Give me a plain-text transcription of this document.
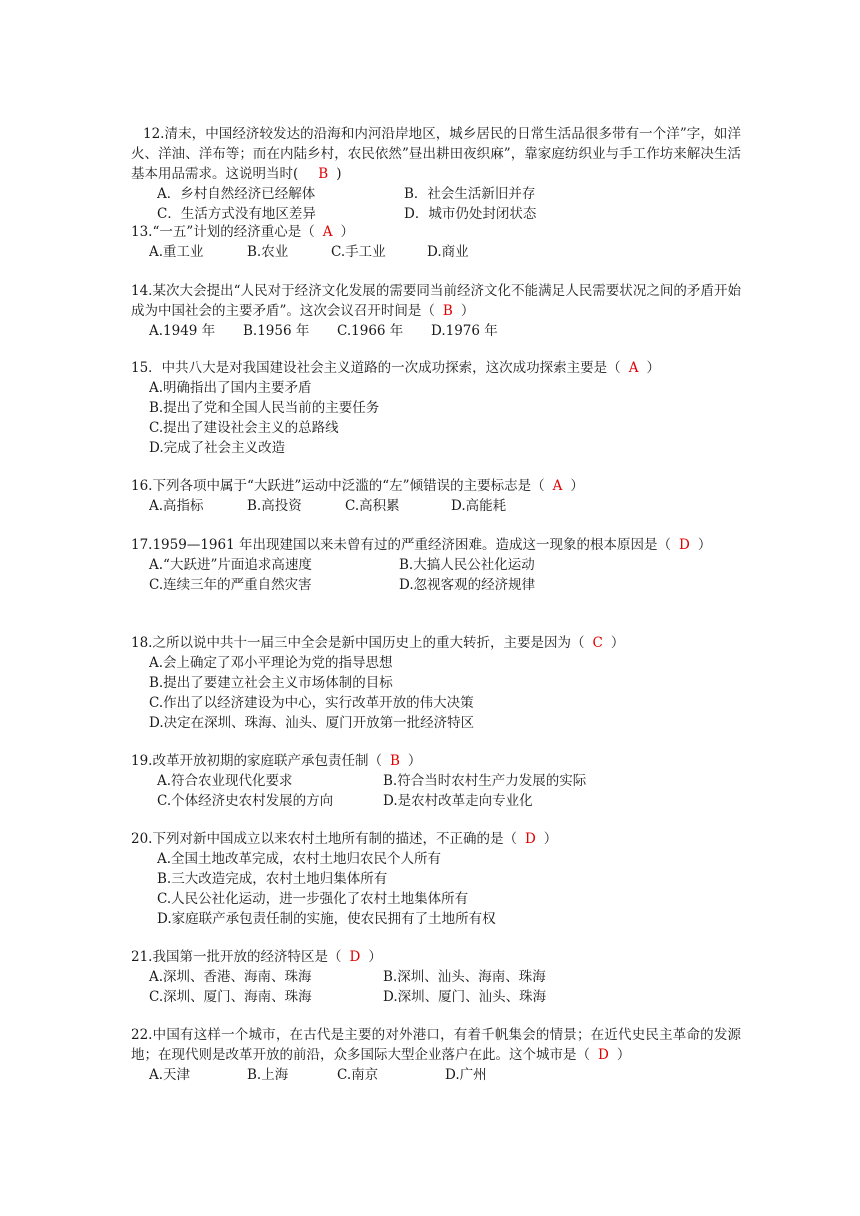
12.清末，中国经济较发达的沿海和内河沿岸地区，城乡居民的日常生活品很多带有一个洋”字，如洋火、洋油、洋布等；而在内陆乡村，农民依然”昼出耕田夜织麻”，靠家庭纺织业与手工作坊来解决生活基本用品需求。这说明当时( B )

A．乡村自然经济已经解体	B．社会生活新旧并存
C．生活方式没有地区差异	D．城市仍处封闭状态

13.“一五”计划的经济重心是（ A ）

A.重工业	B.农业	C.手工业	D.商业

14.某次大会提出“人民对于经济文化发展的需要同当前经济文化不能满足人民需要状况之间的矛盾开始成为中国社会的主要矛盾”。这次会议召开时间是（ B ）

A.1949 年	B.1956 年	C.1966 年	D.1976 年

15．中共八大是对我国建设社会主义道路的一次成功探索，这次成功探索主要是（ A ）

A.明确指出了国内主要矛盾
B.提出了党和全国人民当前的主要任务
C.提出了建设社会主义的总路线
D.完成了社会主义改造

16.下列各项中属于“大跃进”运动中泛滥的“左”倾错误的主要标志是（ A ）

A.高指标	B.高投资	C.高积累	D.高能耗

17.1959—1961 年出现建国以来未曾有过的严重经济困难。造成这一现象的根本原因是（ D ）

A.“大跃进”片面追求高速度	B.大搞人民公社化运动
C.连续三年的严重自然灾害	D.忽视客观的经济规律

18.之所以说中共十一届三中全会是新中国历史上的重大转折，主要是因为（ C ）

A.会上确定了邓小平理论为党的指导思想
B.提出了要建立社会主义市场体制的目标
C.作出了以经济建设为中心，实行改革开放的伟大决策
D.决定在深圳、珠海、汕头、厦门开放第一批经济特区

19.改革开放初期的家庭联产承包责任制（ B ）

A.符合农业现代化要求	B.符合当时农村生产力发展的实际
C.个体经济史农村发展的方向	D.是农村改革走向专业化

20.下列对新中国成立以来农村土地所有制的描述，不正确的是（ D ）

A.全国土地改革完成，农村土地归农民个人所有
B.三大改造完成，农村土地归集体所有
C.人民公社化运动，进一步强化了农村土地集体所有
D.家庭联产承包责任制的实施，使农民拥有了土地所有权

21.我国第一批开放的经济特区是（ D ）

A.深圳、香港、海南、珠海	B.深圳、汕头、海南、珠海
C.深圳、厦门、海南、珠海	D.深圳、厦门、汕头、珠海

22.中国有这样一个城市，在古代是主要的对外港口，有着千帆集会的情景；在近代史民主革命的发源地；在现代则是改革开放的前沿，众多国际大型企业落户在此。这个城市是（ D ）

A.天津	B.上海	C.南京	D.广州
